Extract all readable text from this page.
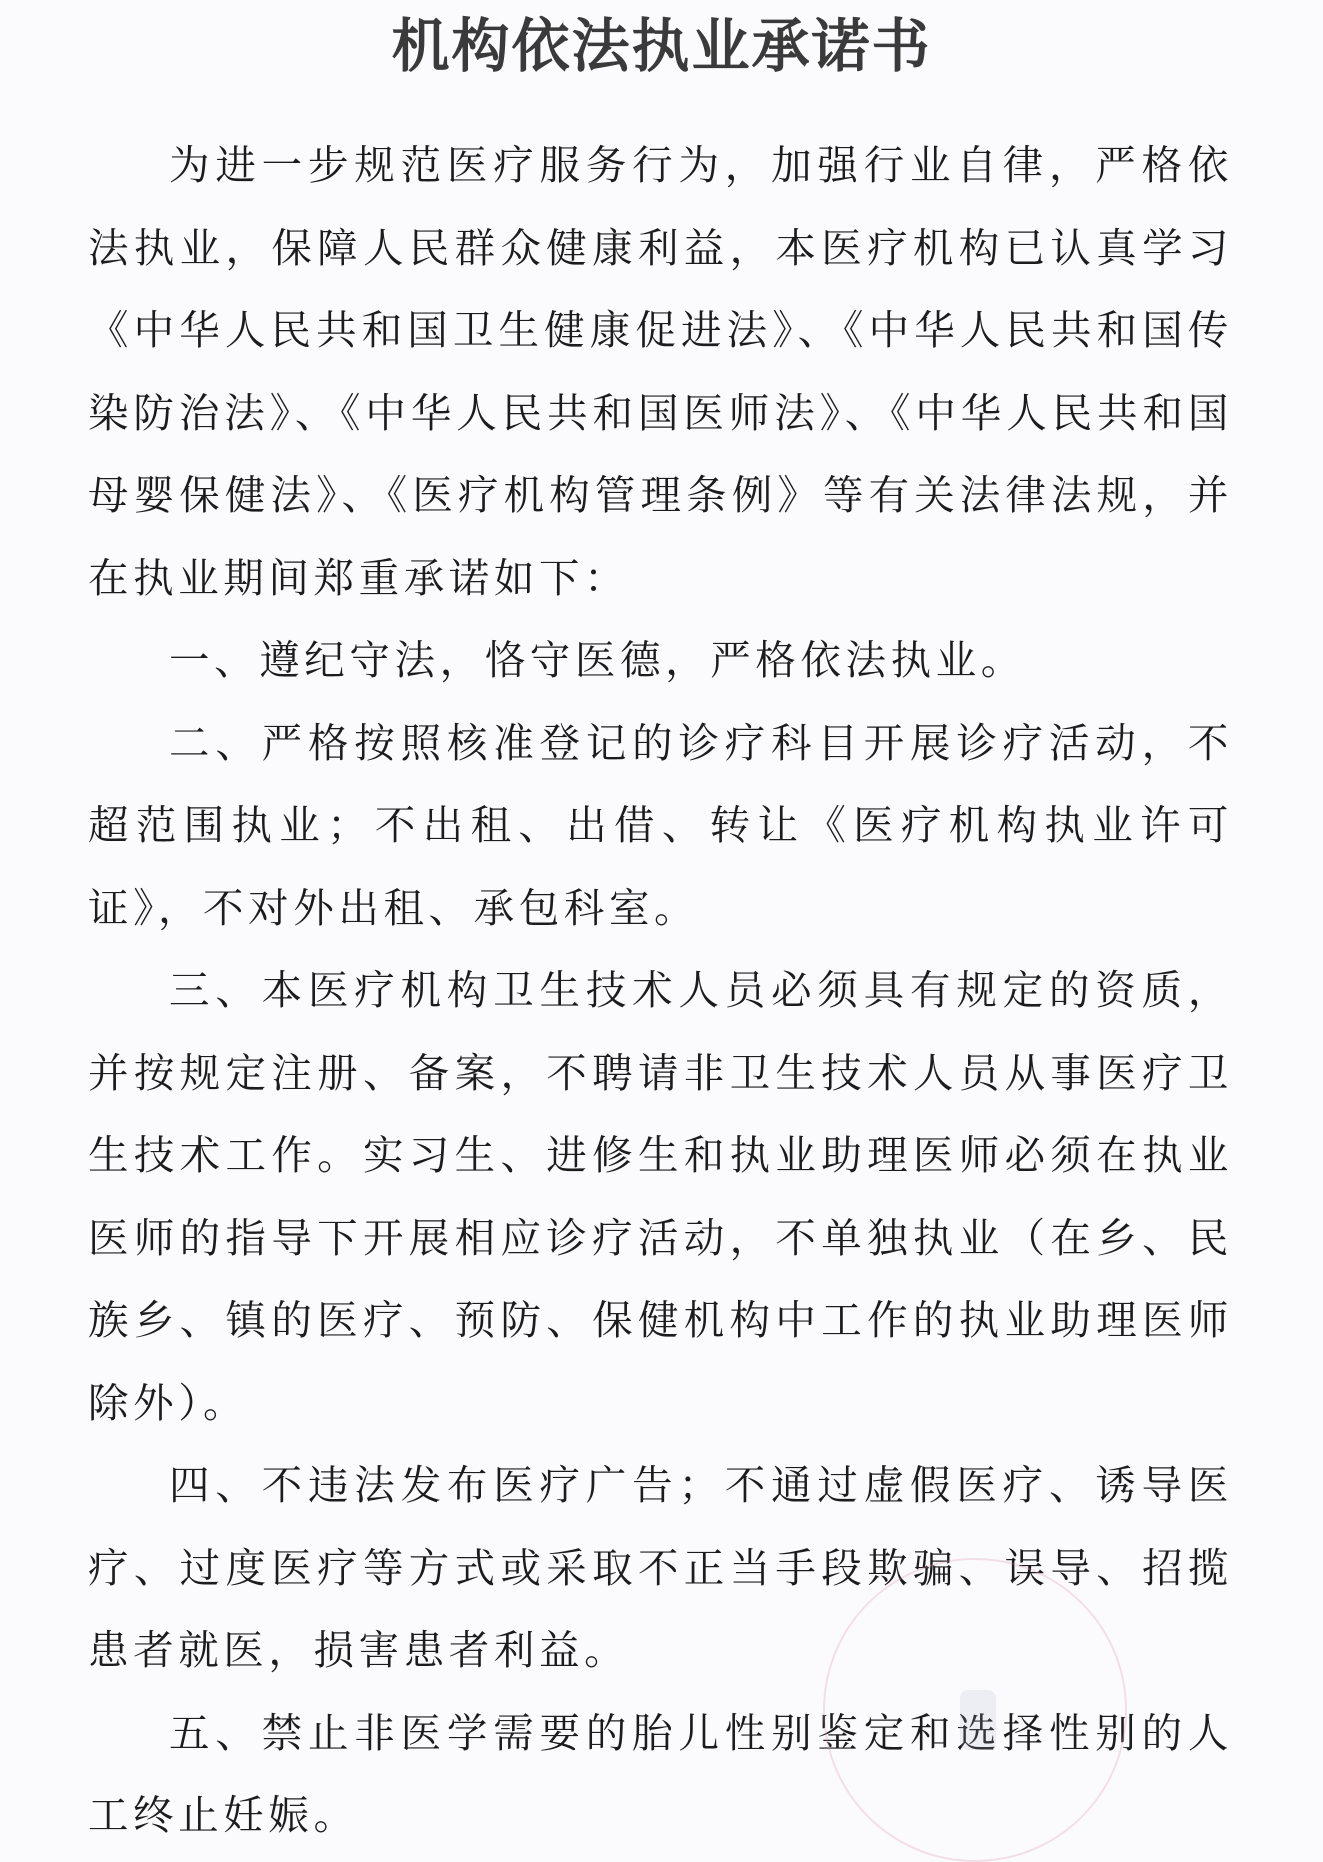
机构依法执业承诺书

为进一步规范医疗服务行为，加强行业自律，严格依法执业，保障人民群众健康利益，本医疗机构已认真学习《中华人民共和国卫生健康促进法》、《中华人民共和国传染防治法》、《中华人民共和国医师法》、《中华人民共和国母婴保健法》、《医疗机构管理条例》等有关法律法规，并在执业期间郑重承诺如下：

一、遵纪守法，恪守医德，严格依法执业。

二、严格按照核准登记的诊疗科目开展诊疗活动，不超范围执业；不出租、出借、转让《医疗机构执业许可证》，不对外出租、承包科室。

三、本医疗机构卫生技术人员必须具有规定的资质，并按规定注册、备案，不聘请非卫生技术人员从事医疗卫生技术工作。实习生、进修生和执业助理医师必须在执业医师的指导下开展相应诊疗活动，不单独执业（在乡、民族乡、镇的医疗、预防、保健机构中工作的执业助理医师除外）。

四、不违法发布医疗广告；不通过虚假医疗、诱导医疗、过度医疗等方式或采取不正当手段欺骗、误导、招揽患者就医，损害患者利益。

五、禁止非医学需要的胎儿性别鉴定和选择性别的人工终止妊娠。
